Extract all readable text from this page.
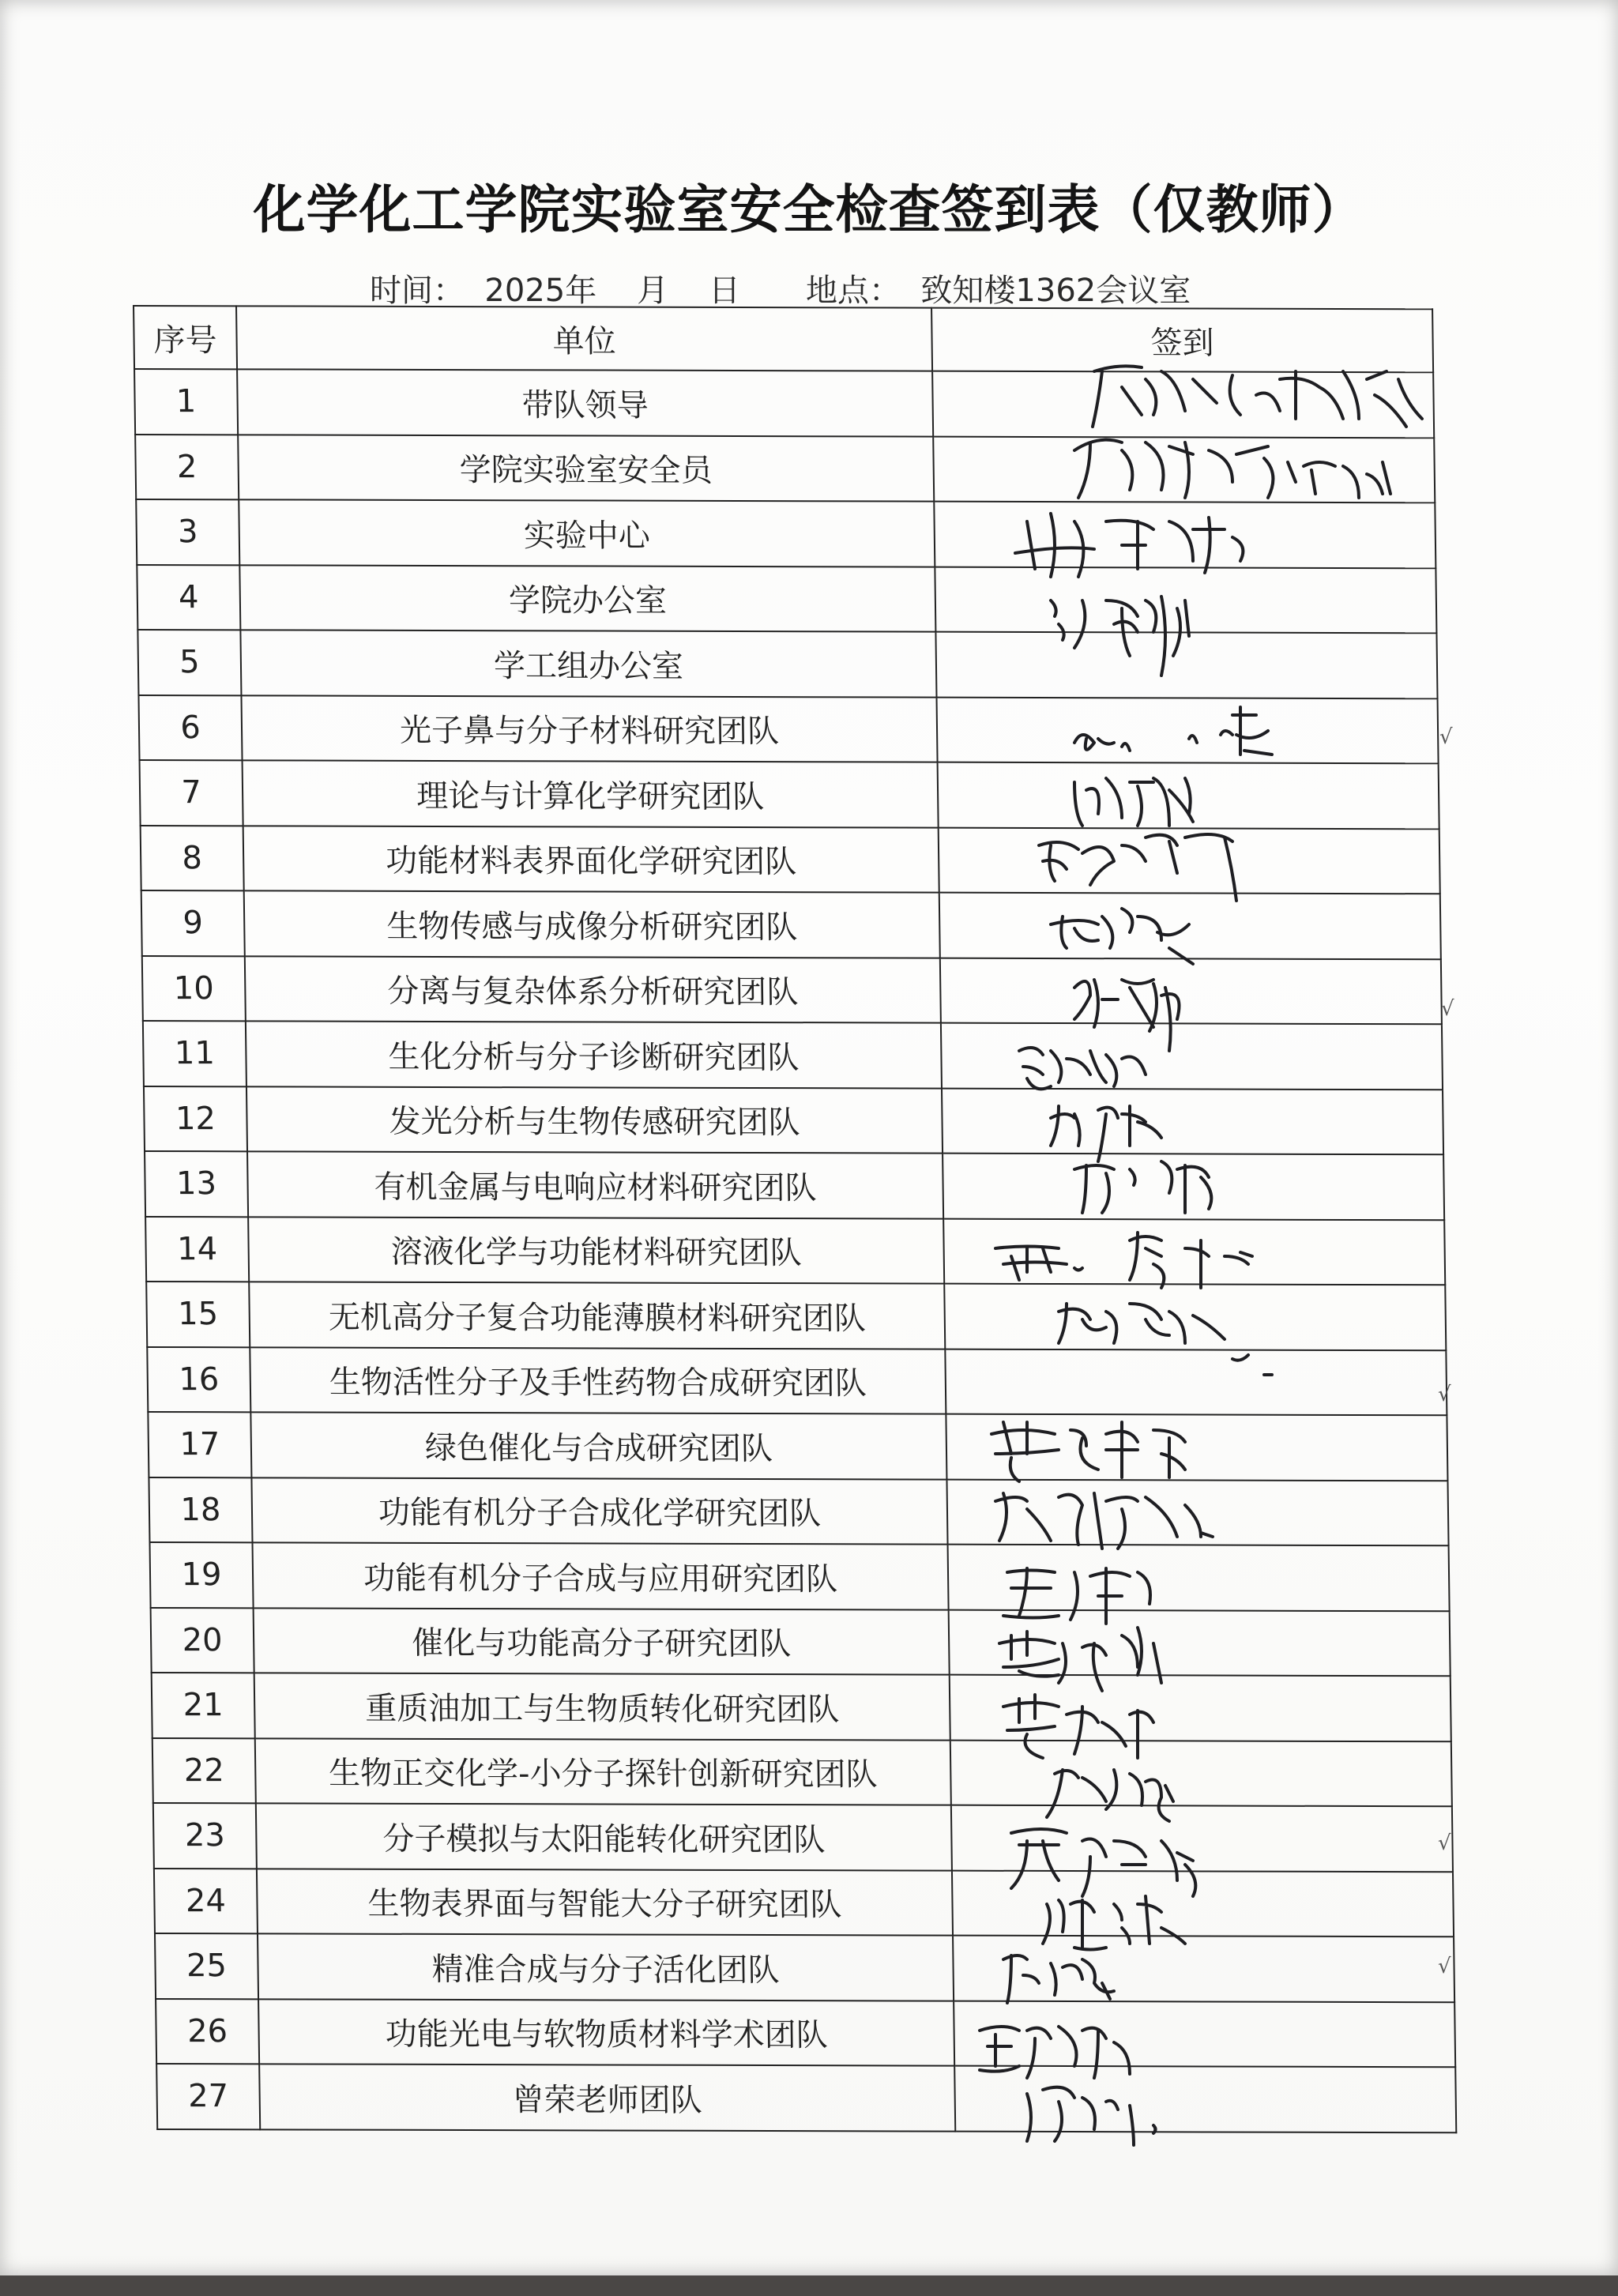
化学化工学院实验室安全检查签到表（仅教师）
时间：  2025年    月    日 地点：  致知楼1362会议室
序号	单位	签到
1	带队领导	
2	学院实验室安全员	
3	实验中心	
4	学院办公室	
5	学工组办公室	
6	光子鼻与分子材料研究团队	
7	理论与计算化学研究团队	
8	功能材料表界面化学研究团队	
9	生物传感与成像分析研究团队	
10	分离与复杂体系分析研究团队	
11	生化分析与分子诊断研究团队	
12	发光分析与生物传感研究团队	
13	有机金属与电响应材料研究团队	
14	溶液化学与功能材料研究团队	
15	无机高分子复合功能薄膜材料研究团队	
16	生物活性分子及手性药物合成研究团队	
17	绿色催化与合成研究团队	
18	功能有机分子合成化学研究团队	
19	功能有机分子合成与应用研究团队	
20	催化与功能高分子研究团队	
21	重质油加工与生物质转化研究团队	
22	生物正交化学-小分子探针创新研究团队	
23	分子模拟与太阳能转化研究团队	
24	生物表界面与智能大分子研究团队	
25	精准合成与分子活化团队	
26	功能光电与软物质材料学术团队	
27	曾荣老师团队	
√
√
√
√
√
